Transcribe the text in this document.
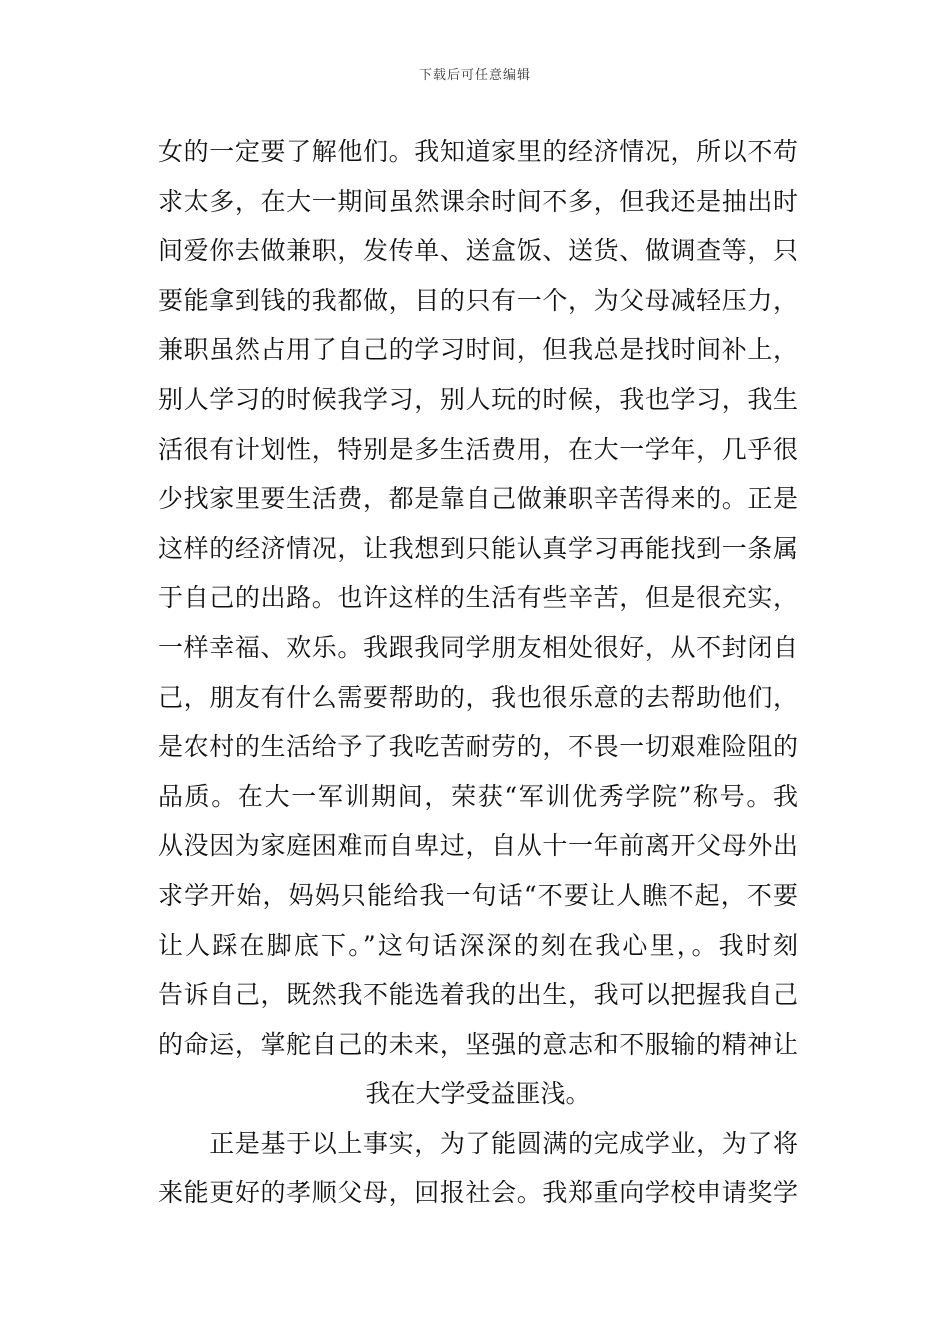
下载后可任意编辑
女的一定要了解他们。我知道家里的经济情况，所以不苟
求太多，在大一期间虽然课余时间不多，但我还是抽出时
间爱你去做兼职，发传单、送盒饭、送货、做调查等，只
要能拿到钱的我都做，目的只有一个，为父母减轻压力，
兼职虽然占用了自己的学习时间，但我总是找时间补上，
别人学习的时候我学习，别人玩的时候，我也学习，我生
活很有计划性，特别是多生活费用，在大一学年，几乎很
少找家里要生活费，都是靠自己做兼职辛苦得来的。正是
这样的经济情况，让我想到只能认真学习再能找到一条属
于自己的出路。也许这样的生活有些辛苦，但是很充实，
一样幸福、欢乐。我跟我同学朋友相处很好，从不封闭自
己，朋友有什么需要帮助的，我也很乐意的去帮助他们，
是农村的生活给予了我吃苦耐劳的，不畏一切艰难险阻的
品质。在大一军训期间，荣获“军训优秀学院”称号。我
从没因为家庭困难而自卑过，自从十一年前离开父母外出
求学开始，妈妈只能给我一句话“不要让人瞧不起，不要
让人踩在脚底下。”这句话深深的刻在我心里，。我时刻
告诉自己，既然我不能选着我的出生，我可以把握我自己
的命运，掌舵自己的未来，坚强的意志和不服输的精神让
我在大学受益匪浅。
　　正是基于以上事实，为了能圆满的完成学业，为了将
来能更好的孝顺父母，回报社会。我郑重向学校申请奖学
